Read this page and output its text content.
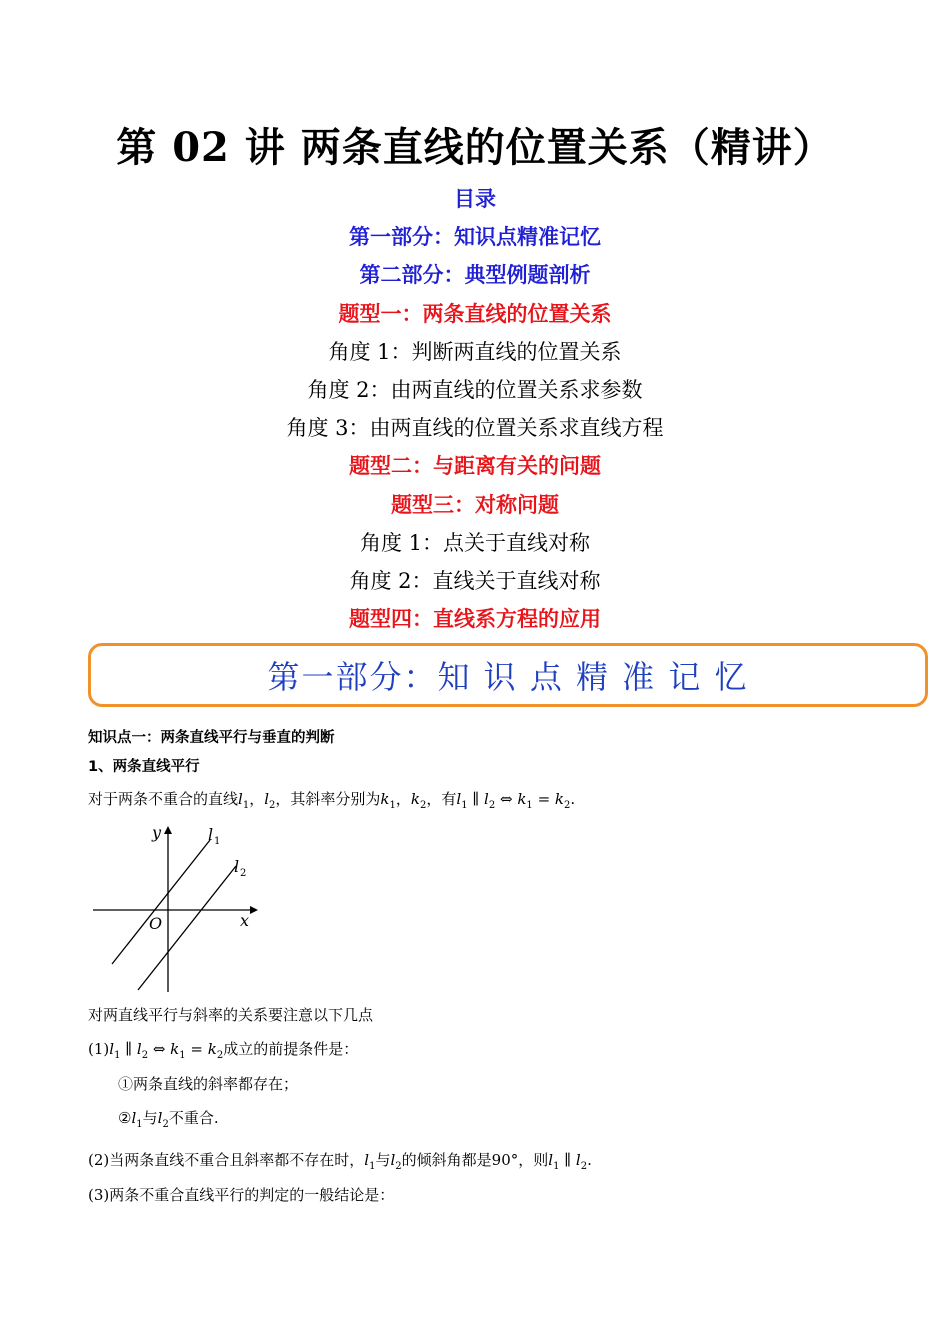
第 02 讲 两条直线的位置关系（精讲）
目录
第一部分：知识点精准记忆
第二部分：典型例题剖析
题型一：两条直线的位置关系
角度 1：判断两直线的位置关系
角度 2：由两直线的位置关系求参数
角度 3：由两直线的位置关系求直线方程
题型二：与距离有关的问题
题型三：对称问题
角度 1：点关于直线对称
角度 2：直线关于直线对称
题型四：直线系方程的应用
第一部分：知 识 点 精 准 记 忆
知识点一：两条直线平行与垂直的判断
1、两条直线平行
对于两条不重合的直线$l_1$，$l_2$，其斜率分别为$k_1$，$k_2$，有$l_1$ ∥ $l_2$ ⇔ $k_1 = k_2$.
y
x
O
l 1
l 2
对两直线平行与斜率的关系要注意以下几点
$(1)l_1$ ∥ $l_2$ ⇔ $k_1 = k_2$成立的前提条件是：
①两条直线的斜率都存在；
$②l_1$与$l_2$不重合.
(2)当两条直线不重合且斜率都不存在时，$l_1$与$l_2$的倾斜角都是90°，则$l_1$ ∥ $l_2$.
(3)两条不重合直线平行的判定的一般结论是：
